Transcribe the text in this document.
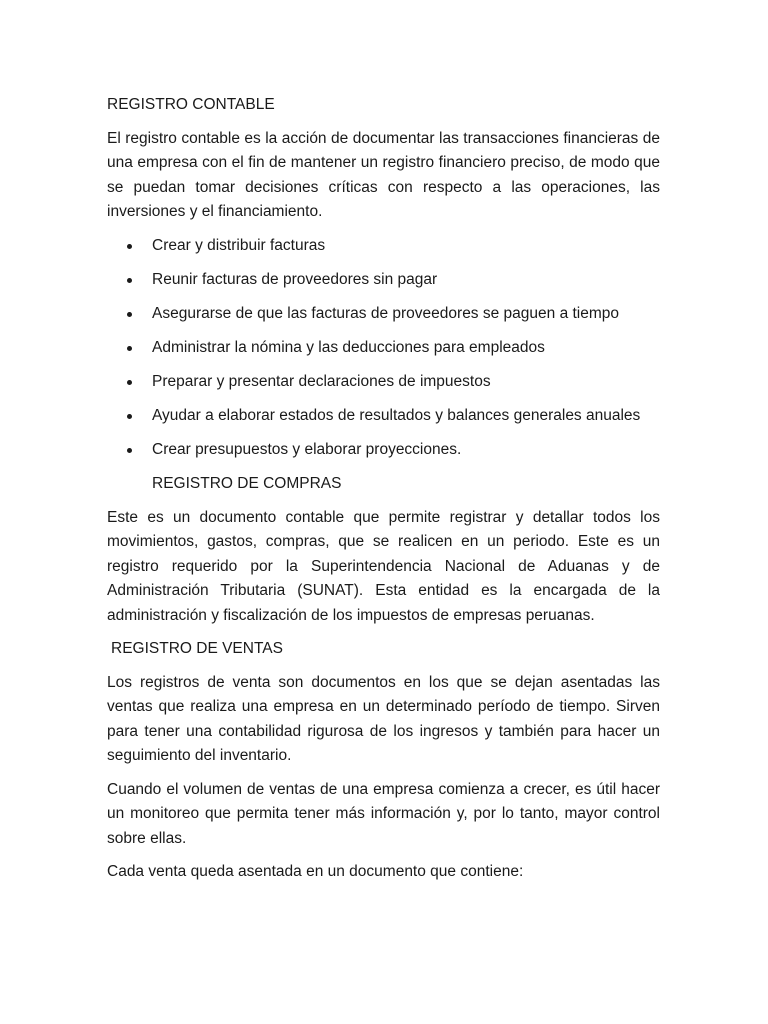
REGISTRO CONTABLE

El registro contable es la acción de documentar las transacciones financieras de una empresa con el fin de mantener un registro financiero preciso, de modo que se puedan tomar decisiones críticas con respecto a las operaciones, las inversiones y el financiamiento.

Crear y distribuir facturas
Reunir facturas de proveedores sin pagar
Asegurarse de que las facturas de proveedores se paguen a tiempo
Administrar la nómina y las deducciones para empleados
Preparar y presentar declaraciones de impuestos
Ayudar a elaborar estados de resultados y balances generales anuales
Crear presupuestos y elaborar proyecciones.

REGISTRO DE COMPRAS

Este es un documento contable que permite registrar y detallar todos los movimientos, gastos, compras, que se realicen en un periodo. Este es un registro requerido por la Superintendencia Nacional de Aduanas y de Administración Tributaria (SUNAT). Esta entidad es la encargada de la administración y fiscalización de los impuestos de empresas peruanas.

REGISTRO DE VENTAS

Los registros de venta son documentos en los que se dejan asentadas las ventas que realiza una empresa en un determinado período de tiempo. Sirven para tener una contabilidad rigurosa de los ingresos y también para hacer un seguimiento del inventario.

Cuando el volumen de ventas de una empresa comienza a crecer, es útil hacer un monitoreo que permita tener más información y, por lo tanto, mayor control sobre ellas.

Cada venta queda asentada en un documento que contiene:
